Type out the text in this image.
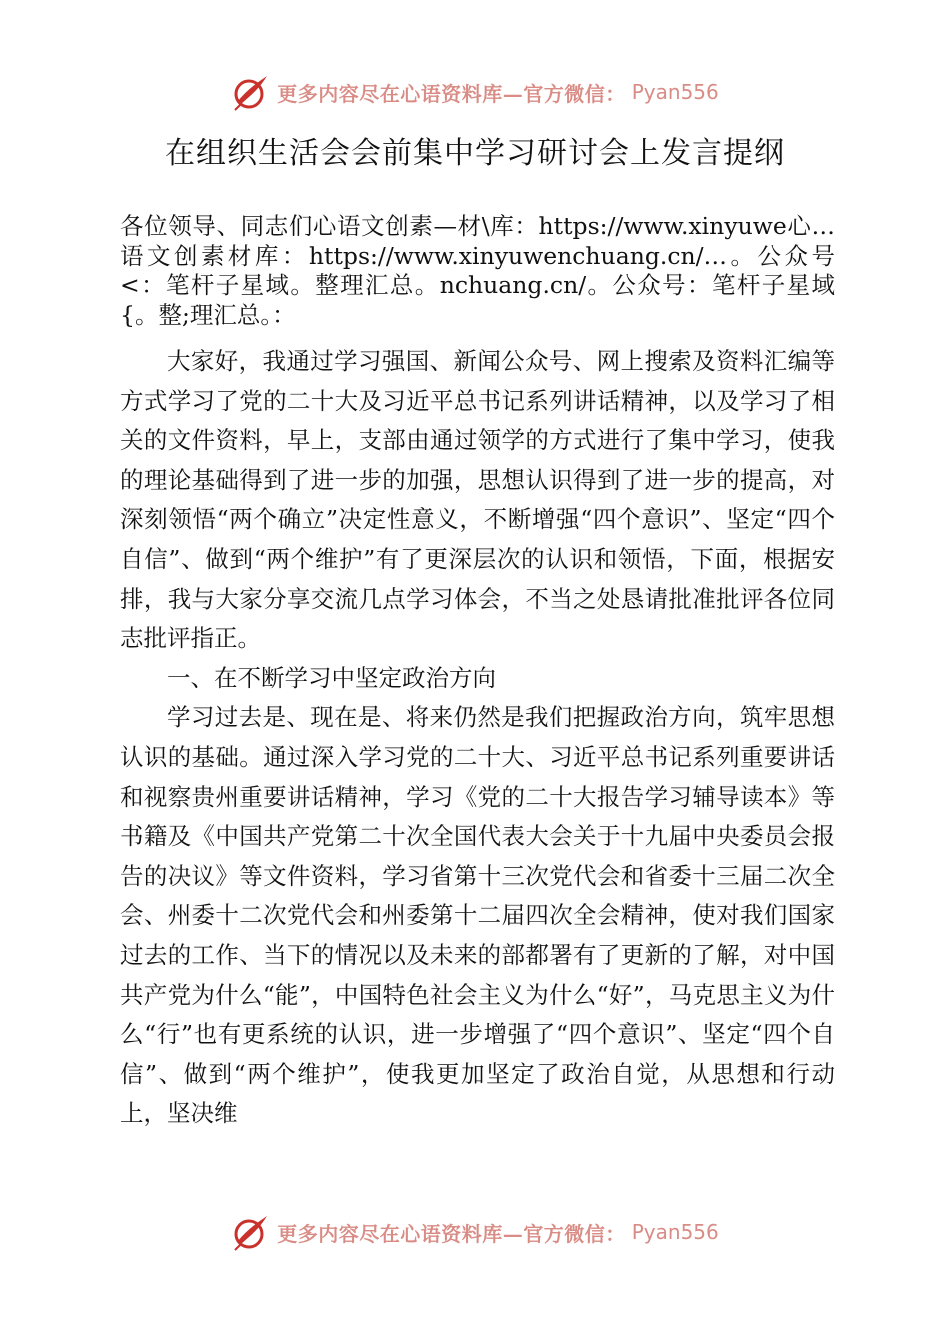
更多内容尽在心语资料库—官方微信： Pyan556
在组织生活会会前集中学习研讨会上发言提纲

各位领导、同志们心语文创素—材\库：https://www.xinyuwe心…语文创素材库：https://www.xinyuwenchuang.cn/…。公众号<：笔杆子星域。整理汇总。nchuang.cn/。公众号：笔杆子星域{。整;理汇总。：

大家好，我通过学习强国、新闻公众号、网上搜索及资料汇编等方式学习了党的二十大及习近平总书记系列讲话精神，以及学习了相关的文件资料，早上，支部由通过领学的方式进行了集中学习，使我的理论基础得到了进一步的加强，思想认识得到了进一步的提高，对深刻领悟“两个确立”决定性意义，不断增强“四个意识”、坚定“四个自信”、做到“两个维护”有了更深层次的认识和领悟，下面，根据安排，我与大家分享交流几点学习体会，不当之处恳请批准批评各位同志批评指正。

一、在不断学习中坚定政治方向

学习过去是、现在是、将来仍然是我们把握政治方向，筑牢思想认识的基础。通过深入学习党的二十大、习近平总书记系列重要讲话和视察贵州重要讲话精神，学习《党的二十大报告学习辅导读本》等书籍及《中国共产党第二十次全国代表大会关于十九届中央委员会报告的决议》等文件资料，学习省第十三次党代会和省委十三届二次全会、州委十二次党代会和州委第十二届四次全会精神，使对我们国家过去的工作、当下的情况以及未来的部都署有了更新的了解，对中国共产党为什么“能”，中国特色社会主义为什么“好”，马克思主义为什么“行”也有更系统的认识，进一步增强了“四个意识”、坚定“四个自信”、做到“两个维护”，使我更加坚定了政治自觉，从思想和行动上，坚决维

更多内容尽在心语资料库—官方微信： Pyan556
